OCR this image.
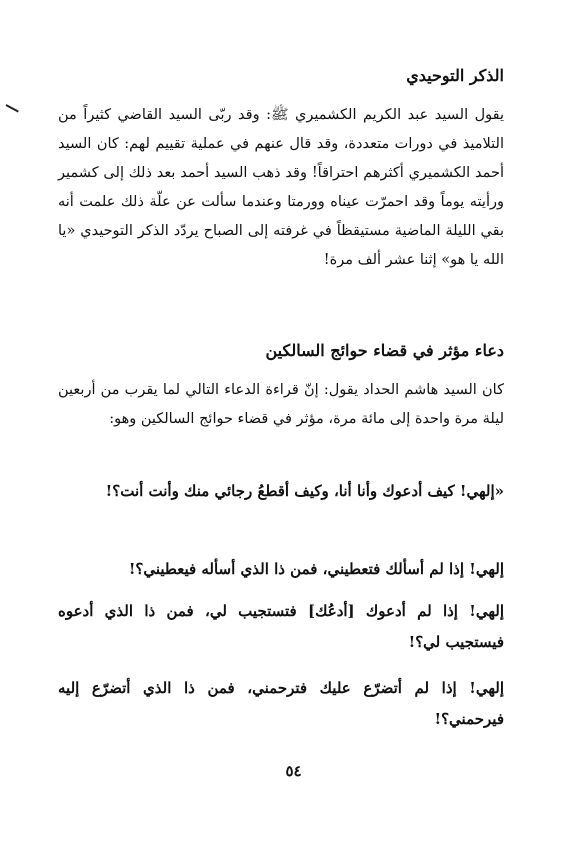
الذكر التوحيدي
يقول السيد عبد الكريم الكشميري ﷺ: وقد ربّى السيد القاضي كثيراً من التلاميذ في دورات متعددة، وقد قال عنهم في عملية تقييم لهم: كان السيد أحمد الكشميري أكثرهم احتراقاً! وقد ذهب السيد أحمد بعد ذلك إلى كشمير ورأيته يوماً وقد احمرّت عيناه وورمتا وعندما سألت عن علّة ذلك علمت أنه بقي الليلة الماضية مستيقظاً في غرفته إلى الصباح يردّد الذكر التوحيدي «يا الله يا هو» إثنا عشر ألف مرة!
دعاء مؤثر في قضاء حوائج السالكين
كان السيد هاشم الحداد يقول: إنّ قراءة الدعاء التالي لما يقرب من أربعين ليلة مرة واحدة إلى مائة مرة، مؤثر في قضاء حوائج السالكين وهو:
«إلهي! كيف أدعوك وأنا أنا، وكيف أقطعُ رجائي منك وأنت أنت؟!
إلهي! إذا لم أسألك فتعطيني، فمن ذا الذي أسأله فيعطيني؟!
إلهي! إذا لم أدعوك [أدعُك] فتستجيب لي، فمن ذا الذي أدعوه فيستجيب لي؟!
إلهي! إذا لم أتضرّع عليك فترحمني، فمن ذا الذي أتضرّع إليه فيرحمني؟!
٥٤
